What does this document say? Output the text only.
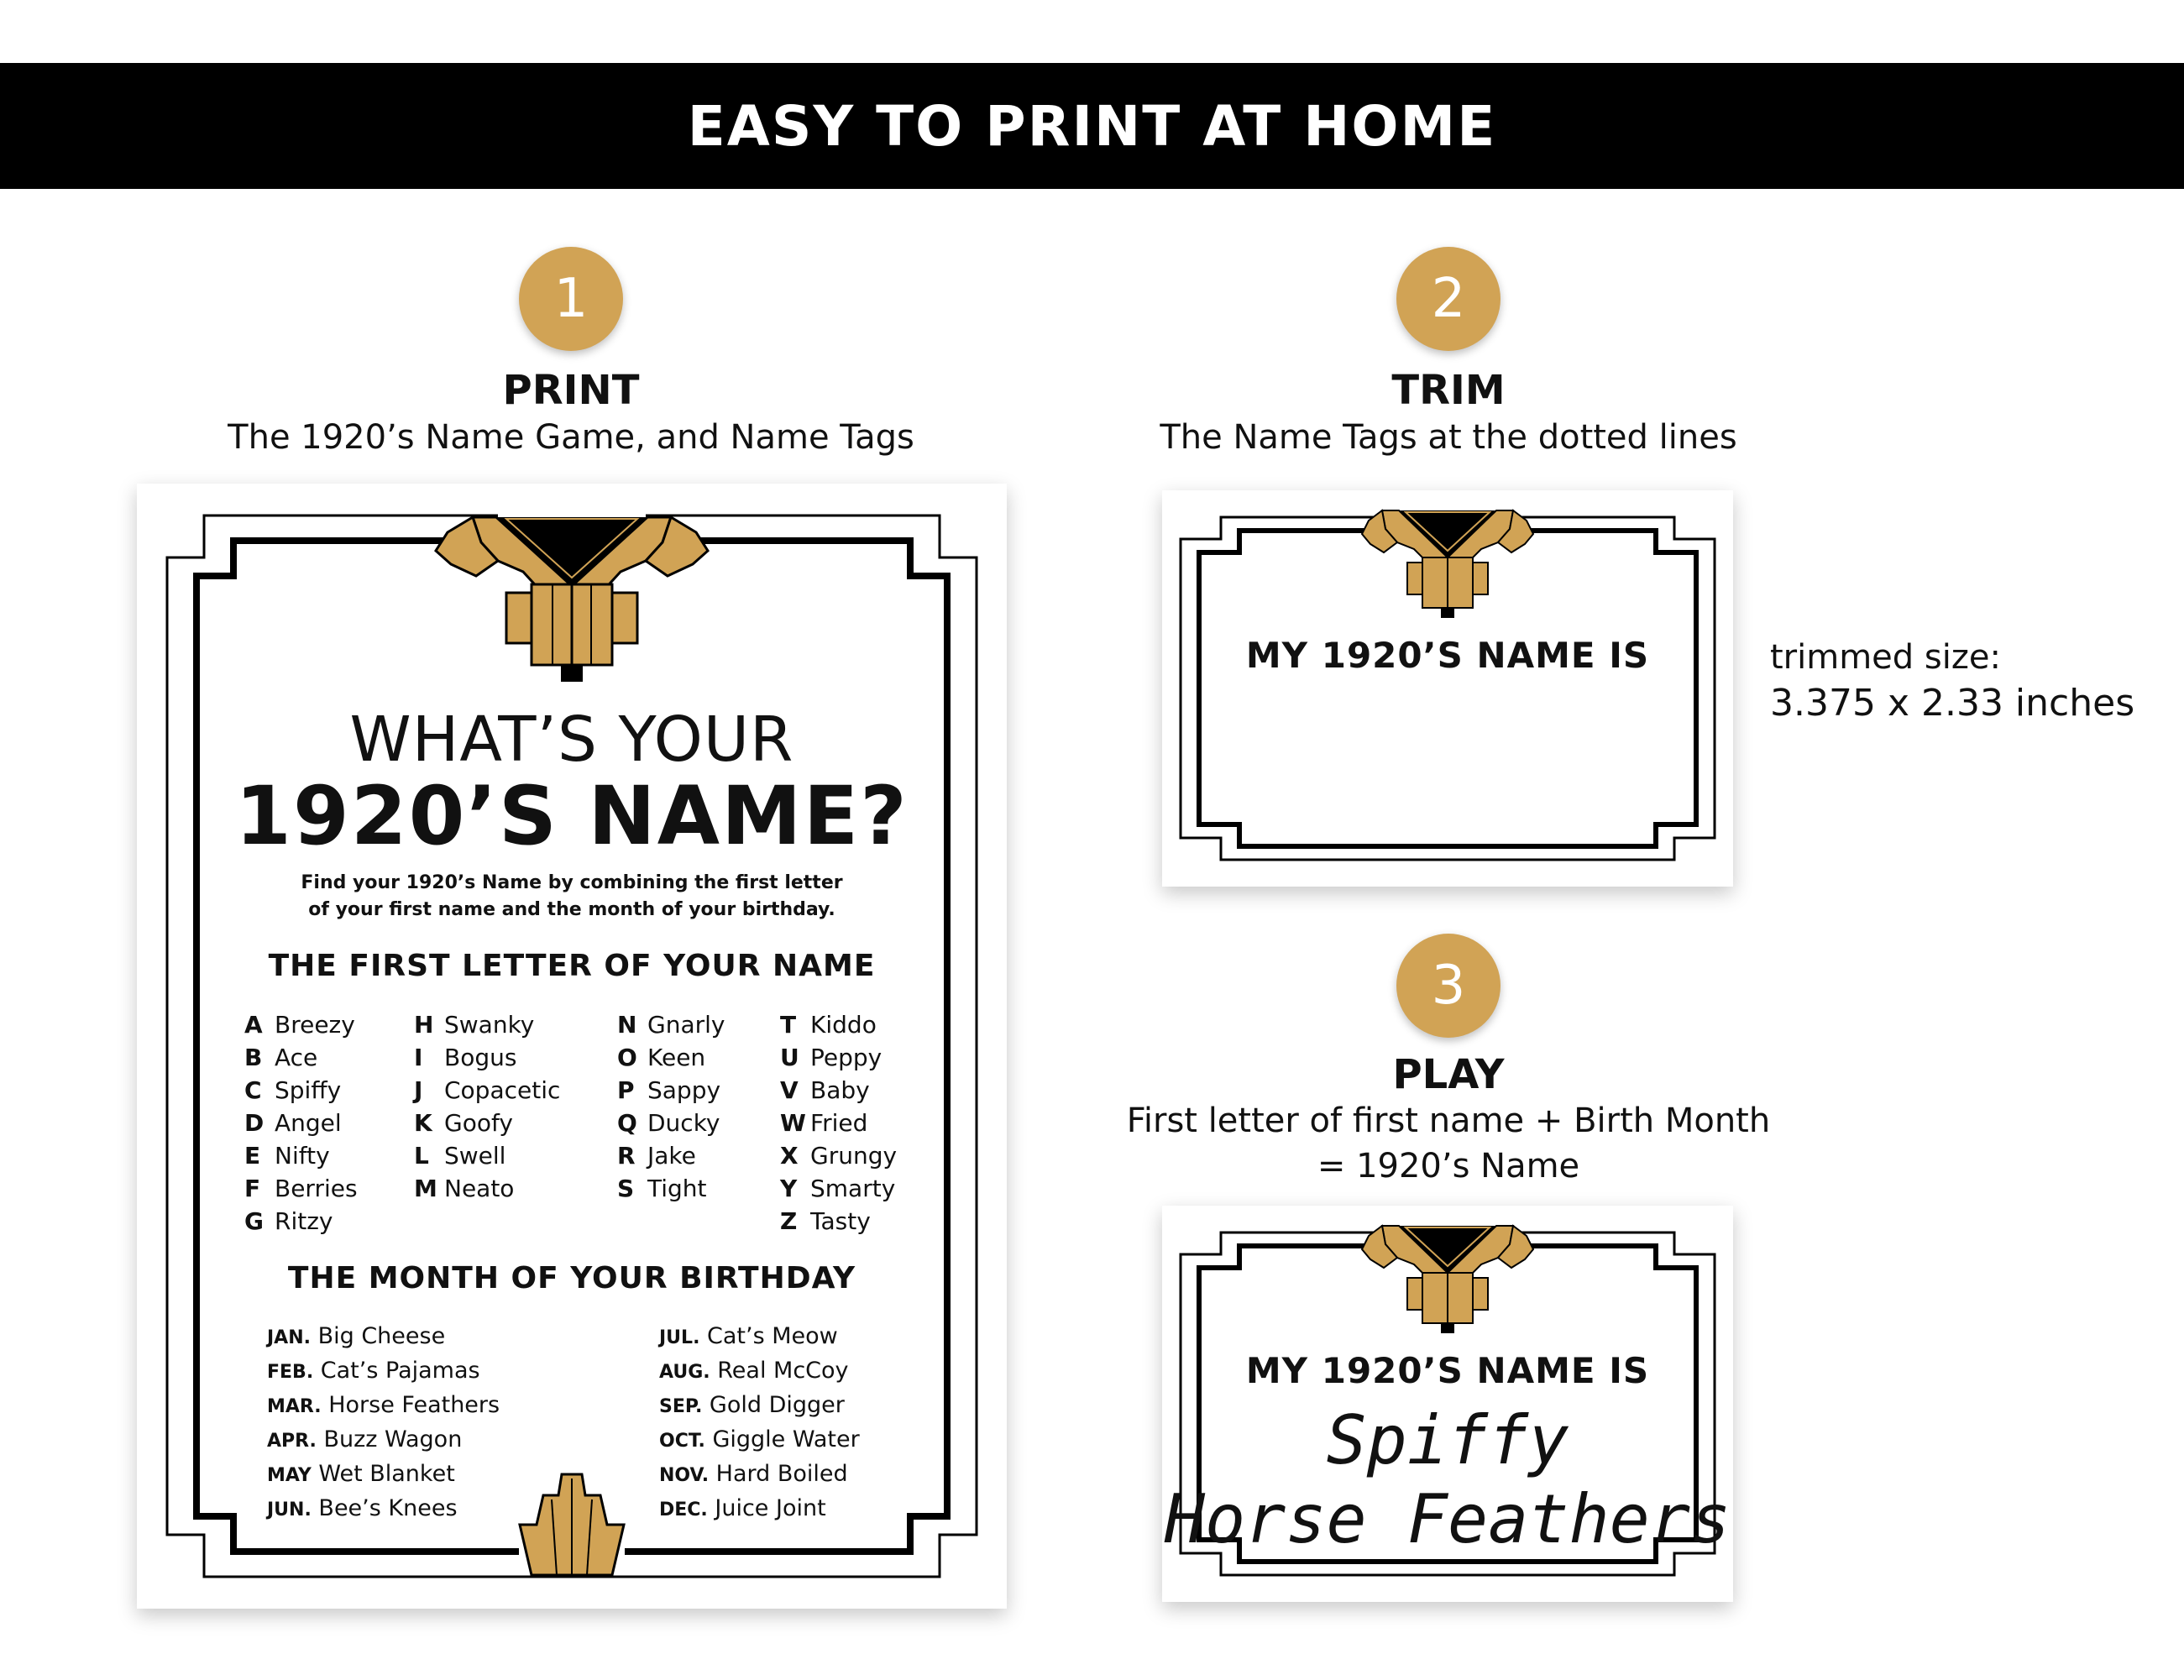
EASY TO PRINT AT HOME
1
PRINT
The 1920’s Name Game, and Name Tags
2
TRIM
The Name Tags at the dotted lines
3
PLAY
First letter of first name + Birth Month
= 1920’s Name
trimmed size:
3.375 x 2.33 inches
WHAT’S YOUR
1920’S NAME?
Find your 1920’s Name by combining the first letter
of your first name and the month of your birthday.
THE FIRST LETTER OF YOUR NAME
A Breezy
B Ace
C Spiffy
D Angel
E Nifty
F Berries
G Ritzy
H Swanky
I Bogus
J Copacetic
K Goofy
L Swell
M Neato
N Gnarly
O Keen
P Sappy
Q Ducky
R Jake
S Tight
T Kiddo
U Peppy
V Baby
W Fried
X Grungy
Y Smarty
Z Tasty
THE MONTH OF YOUR BIRTHDAY
JAN. Big Cheese
FEB. Cat’s Pajamas
MAR. Horse Feathers
APR. Buzz Wagon
MAY Wet Blanket
JUN. Bee’s Knees
JUL. Cat’s Meow
AUG. Real McCoy
SEP. Gold Digger
OCT. Giggle Water
NOV. Hard Boiled
DEC. Juice Joint
MY 1920’S NAME IS
MY 1920’S NAME IS
Spiffy
Horse Feathers
